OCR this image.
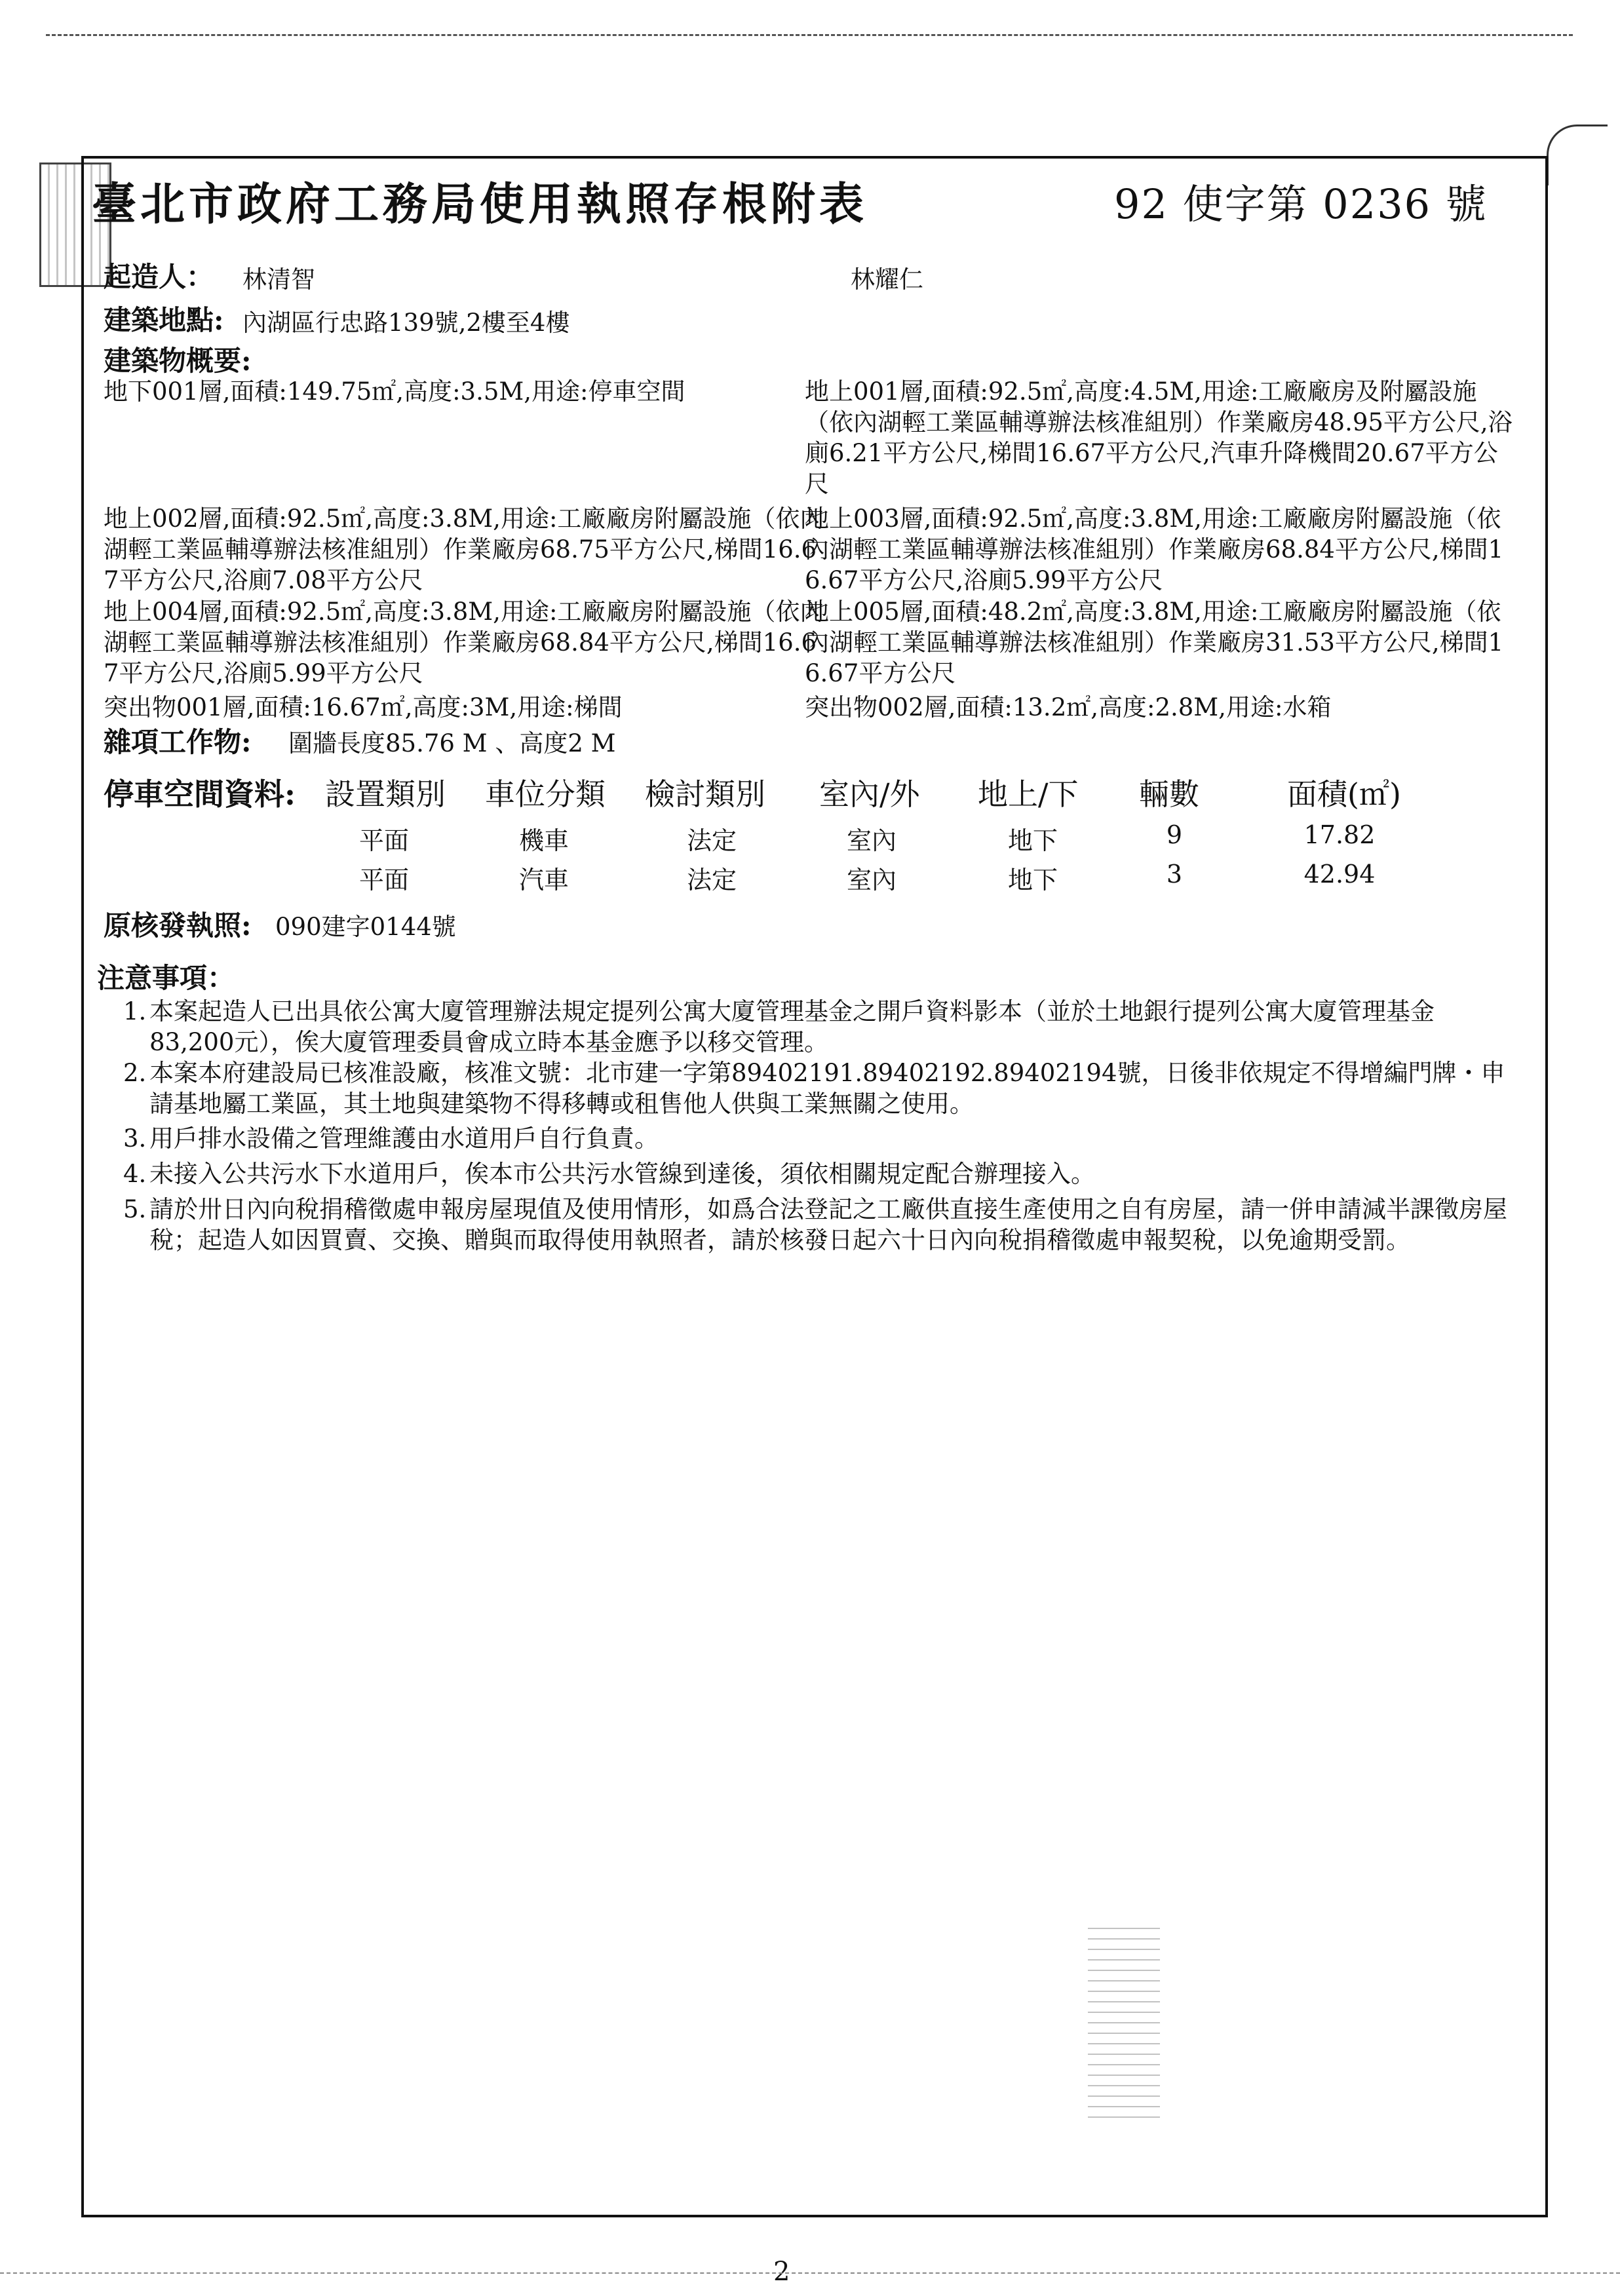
臺北市政府工務局使用執照存根附表	92 使字第 0236 號
起造人： 林清智	林耀仁
建築地點: 內湖區行忠路139號,2樓至4樓
建築物概要:
地下001層,面積:149.75㎡,高度:3.5M,用途:停車空間	地上001層,面積:92.5㎡,高度:4.5M,用途:工廠廠房及附屬設施（依內湖輕工業區輔導辦法核准組別）作業廠房48.95平方公尺,浴廁6.21平方公尺,梯間16.67平方公尺,汽車升降機間20.67平方公尺
地上002層,面積:92.5㎡,高度:3.8M,用途:工廠廠房附屬設施（依內湖輕工業區輔導辦法核准組別）作業廠房68.75平方公尺,梯間16.67平方公尺,浴廁7.08平方公尺
地上003層,面積:92.5㎡,高度:3.8M,用途:工廠廠房附屬設施（依內湖輕工業區輔導辦法核准組別）作業廠房68.84平方公尺,梯間16.67平方公尺,浴廁5.99平方公尺
地上004層,面積:92.5㎡,高度:3.8M,用途:工廠廠房附屬設施（依內湖輕工業區輔導辦法核准組別）作業廠房68.84平方公尺,梯間16.67平方公尺,浴廁5.99平方公尺
地上005層,面積:48.2㎡,高度:3.8M,用途:工廠廠房附屬設施（依內湖輕工業區輔導辦法核准組別）作業廠房31.53平方公尺,梯間16.67平方公尺
突出物001層,面積:16.67㎡,高度:3M,用途:梯間	突出物002層,面積:13.2㎡,高度:2.8M,用途:水箱
雜項工作物: 圍牆長度85.76 M 、高度2 M
停車空間資料: 設置類別 車位分類 檢討類別 室內/外 地上/下 輛數	面積(㎡)
平面	機車	法定	室內	地下	9	17.82
平面	汽車	法定	室內	地下	3	42.94
原核發執照: 090建字0144號
注意事項：
1. 本案起造人已出具依公寓大廈管理辦法規定提列公寓大廈管理基金之開戶資料影本（並於土地銀行提列公寓大廈管理基金83,200元），俟大廈管理委員會成立時本基金應予以移交管理。
2. 本案本府建設局已核准設廠，核准文號：北市建一字第89402191.89402192.89402194號，日後非依規定不得增編門牌・申請基地屬工業區，其土地與建築物不得移轉或租售他人供與工業無關之使用。
3. 用戶排水設備之管理維護由水道用戶自行負責。
4. 未接入公共污水下水道用戶，俟本市公共污水管線到達後，須依相關規定配合辦理接入。
5. 請於卅日內向稅捐稽徵處申報房屋現值及使用情形，如爲合法登記之工廠供直接生產使用之自有房屋，請一併申請減半課徵房屋稅；起造人如因買賣、交換、贈與而取得使用執照者，請於核發日起六十日內向稅捐稽徵處申報契稅，以免逾期受罰。
2
